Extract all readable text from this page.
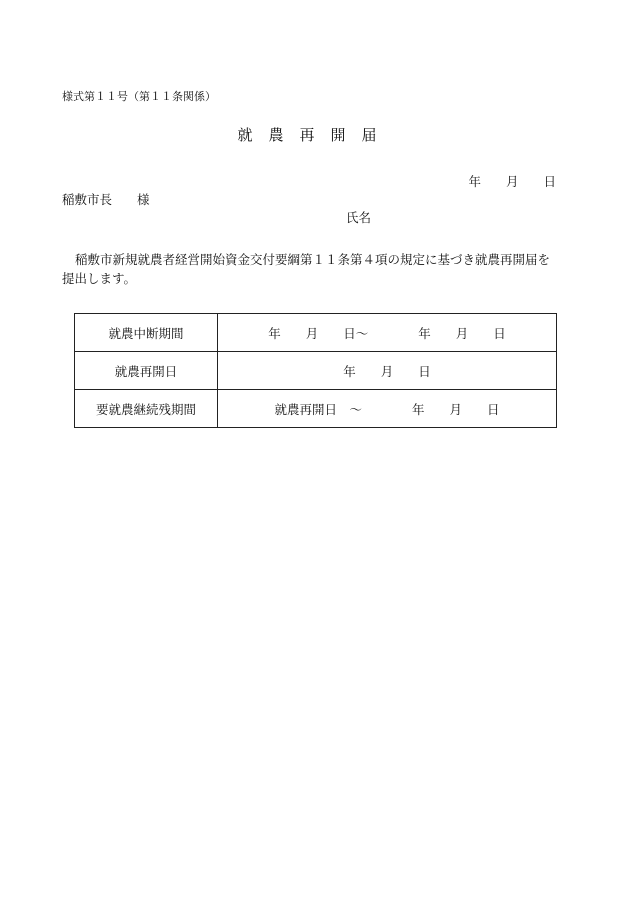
様式第１１号（第１１条関係）
就農再開届
年　　月　　日
稲敷市長　　様
氏名
稲敷市新規就農者経営開始資金交付要綱第１１条第４項の規定に基づき就農再開届を提出します。
就農中断期間	年　　月　　日～　　　　年　　月　　日
就農再開日	年　　月　　日
要就農継続残期間	就農再開日　～　　　　年　　月　　日
